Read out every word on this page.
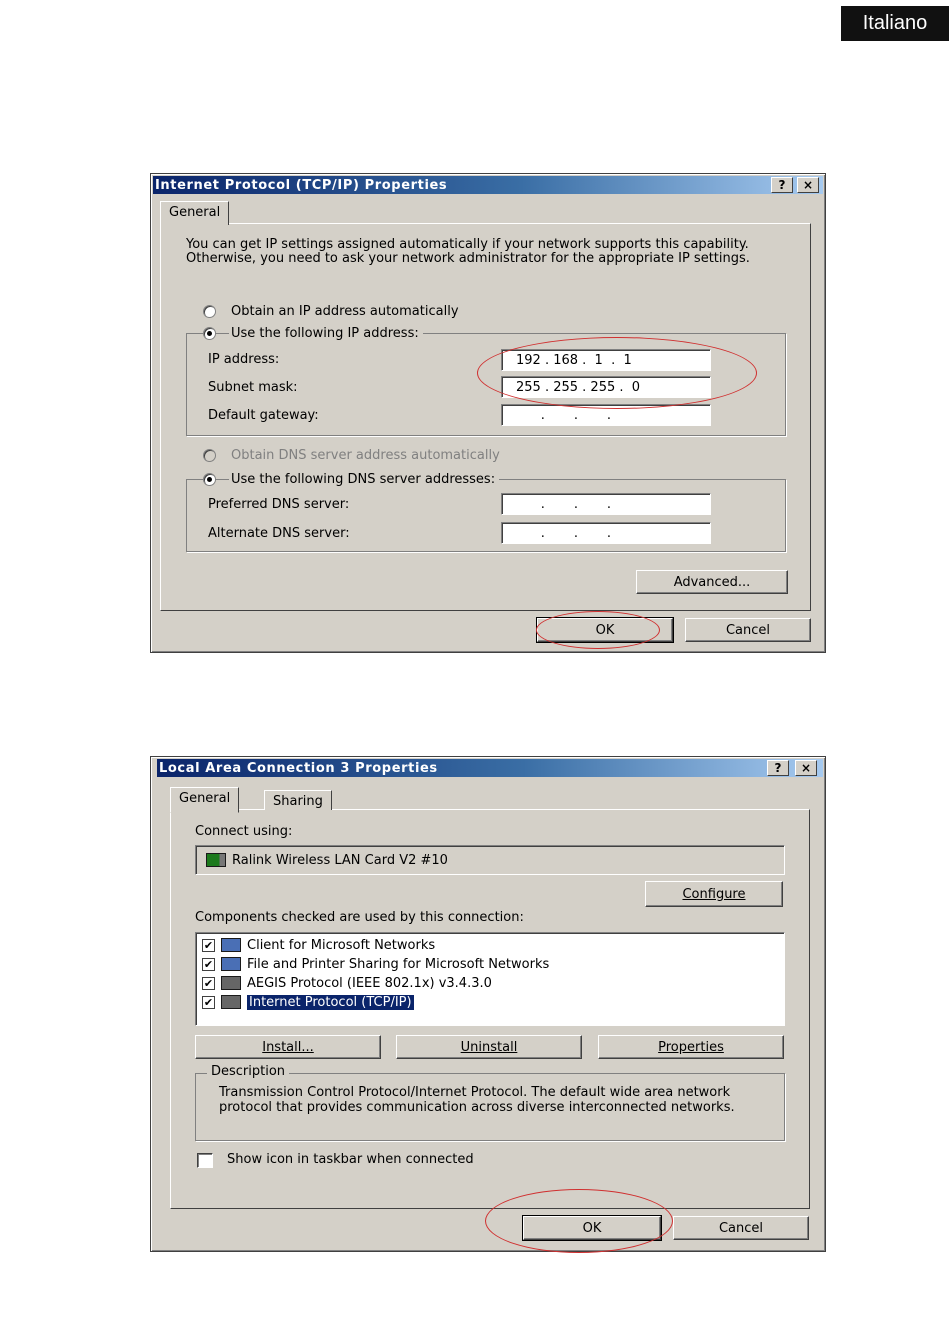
Italiano
Internet Protocol (TCP/IP) Properties	? ×
General
You can get IP settings assigned automatically if your network supports this capability. Otherwise, you need to ask your network administrator for the appropriate IP settings.
Obtain an IP address automatically
Use the following IP address:
IP address:	192 . 168 .  1  .  1
Subnet mask:	255 . 255 . 255 .  0
Default gateway:	.       .       .
Obtain DNS server address automatically
Use the following DNS server addresses:
Preferred DNS server:	.       .       .
Alternate DNS server:	.       .       .
Advanced...
OK	Cancel
Local Area Connection 3 Properties	? ×
General	Sharing
Connect using:
Ralink Wireless LAN Card V2 #10
Configure
Components checked are used by this connection:
✔	Client for Microsoft Networks
✔	File and Printer Sharing for Microsoft Networks
✔	AEGIS Protocol (IEEE 802.1x) v3.4.3.0
✔	Internet Protocol (TCP/IP)
Install...	Uninstall	Properties
Description
Transmission Control Protocol/Internet Protocol. The default wide area network protocol that provides communication across diverse interconnected networks.
Show icon in taskbar when connected
OK	Cancel
